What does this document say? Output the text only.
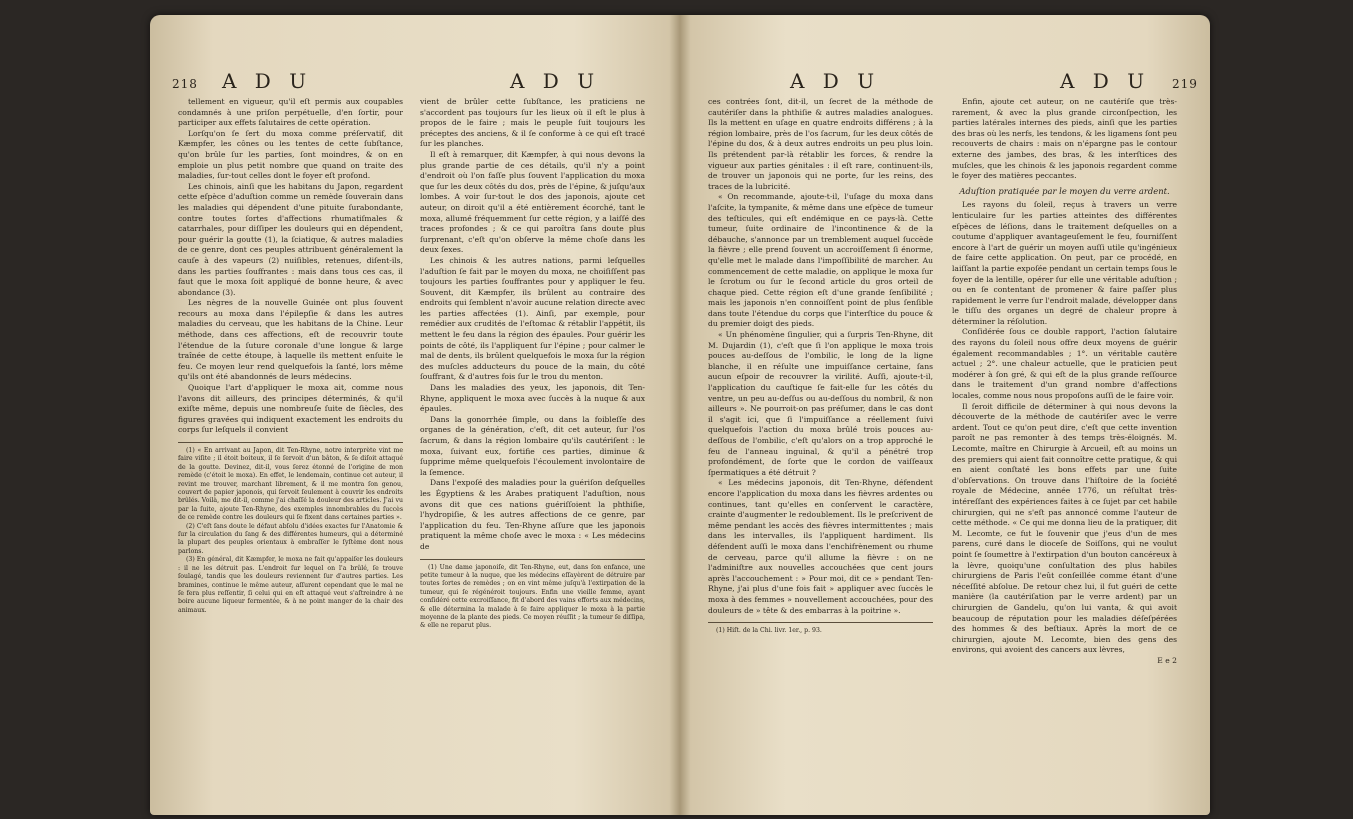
218 A D U	A D U

tellement en vigueur, qu'il eſt permis aux coupables condamnés à une priſon perpétuelle, d'en ſortir, pour participer aux effets ſalutaires de cette opération.

Lorſqu'on ſe ſert du moxa comme préſervatif, dit Kæmpfer, les cônes ou les tentes de cette ſubſtance, qu'on brûle ſur les parties, ſont moindres, & on en emploie un plus petit nombre que quand on traite des maladies, ſur-tout celles dont le foyer eſt profond.

Les chinois, ainſi que les habitans du Japon, regardent cette eſpèce d'aduſtion comme un remède ſouverain dans les maladies qui dépendent d'une pituite ſurabondante, contre toutes ſortes d'affections rhumatiſmales & catarrhales, pour diſſiper les douleurs qui en dépendent, pour guérir la goutte (1), la ſciatique, & autres maladies de ce genre, dont ces peuples attribuent généralement la cauſe à des vapeurs (2) nuiſibles, retenues, diſent-ils, dans les parties ſouffrantes : mais dans tous ces cas, il faut que le moxa ſoit appliqué de bonne heure, & avec abondance (3).

Les nègres de la nouvelle Guinée ont plus ſouvent recours au moxa dans l'épilepſie & dans les autres maladies du cerveau, que les habitans de la Chine. Leur méthode, dans ces affections, eſt de recouvrir toute l'étendue de la ſuture coronale d'une longue & large traînée de cette étoupe, à laquelle ils mettent enſuite le feu. Ce moyen leur rend quelquefois la ſanté, lors même qu'ils ont été abandonnés de leurs médecins.

Quoique l'art d'appliquer le moxa ait, comme nous l'avons dit ailleurs, des principes déterminés, & qu'il exiſte même, depuis une nombreuſe ſuite de ſiècles, des figures gravées qui indiquent exactement les endroits du corps ſur leſquels il convient

(1) « En arrivant au Japon, dit Ten-Rhyne, notre interprète vint me faire viſite ; il étoit boiteux, il ſe ſervoit d'un bâton, & ſe diſoit attaqué de la goutte. Devinez, dit-il, vous ſerez étonné de l'origine de mon remède (c'étoit le moxa). En effet, le lendemain, continue cet auteur, il revint me trouver, marchant librement, & il me montra ſon genou, couvert de papier japonois, qui ſervoit ſeulement à couvrir les endroits brûlés. Voilà, me dit-il, comme j'ai chaſſé la douleur des articles. J'ai vu par la ſuite, ajoute Ten-Rhyne, des exemples innombrables du ſuccès de ce remède contre les douleurs qui ſe fixent dans certaines parties ».

(2) C'eſt ſans doute le défaut abſolu d'idées exactes ſur l'Anatomie & ſur la circulation du ſang & des différentes humeurs, qui a déterminé la plupart des peuples orientaux à embraſſer le ſyſtème dont nous parlons.

(3) En général, dit Kæmpfer, le moxa ne fait qu'appaiſer les douleurs : il ne les détruit pas. L'endroit ſur lequel on l'a brûlé, ſe trouve ſoulagé, tandis que les douleurs reviennent ſur d'autres parties. Les bramines, continue le même auteur, aſſurent cependant que le mal ne ſe fera plus reſſentir, ſi celui qui en eſt attaqué veut s'aſtreindre à ne boire aucune liqueur fermentée, & à ne point manger de la chair des animaux.

vient de brûler cette ſubſtance, les praticiens ne s'accordent pas toujours ſur les lieux où il eſt le plus à propos de le faire ; mais le peuple ſuit toujours les préceptes des anciens, & il ſe conforme à ce qui eſt tracé ſur les planches.

Il eſt à remarquer, dit Kæmpfer, à qui nous devons la plus grande partie de ces détails, qu'il n'y a point d'endroit où l'on faſſe plus ſouvent l'application du moxa que ſur les deux côtés du dos, près de l'épine, & juſqu'aux lombes. A voir ſur-tout le dos des japonois, ajoute cet auteur, on diroit qu'il a été entièrement écorché, tant le moxa, allumé fréquemment ſur cette région, y a laiſſé des traces profondes ; & ce qui paroîtra ſans doute plus ſurprenant, c'eſt qu'on obſerve la même choſe dans les deux ſexes.

Les chinois & les autres nations, parmi leſquelles l'aduſtion ſe fait par le moyen du moxa, ne choiſiſſent pas toujours les parties ſouffrantes pour y appliquer le feu. Souvent, dit Kæmpfer, ils brûlent au contraire des endroits qui ſemblent n'avoir aucune relation directe avec les parties affectées (1). Ainſi, par exemple, pour remédier aux crudités de l'eſtomac & rétablir l'appétit, ils mettent le feu dans la région des épaules. Pour guérir les points de côté, ils l'appliquent ſur l'épine ; pour calmer le mal de dents, ils brûlent quelquefois le moxa ſur la région des muſcles adducteurs du pouce de la main, du côté ſouffrant, & d'autres fois ſur le trou du menton.

Dans les maladies des yeux, les japonois, dit Ten-Rhyne, appliquent le moxa avec ſuccès à la nuque & aux épaules.

Dans la gonorrhée ſimple, ou dans la foibleſſe des organes de la génération, c'eſt, dit cet auteur, ſur l'os ſacrum, & dans la région lombaire qu'ils cautériſent : le moxa, ſuivant eux, fortifie ces parties, diminue & ſupprime même quelquefois l'écoulement involontaire de la ſemence.

Dans l'expoſé des maladies pour la guériſon deſquelles les Égyptiens & les Arabes pratiquent l'aduſtion, nous avons dit que ces nations guériſſoient la phthiſie, l'hydropiſie, & les autres affections de ce genre, par l'application du feu. Ten-Rhyne aſſure que les japonois pratiquent la même choſe avec le moxa : « Les médecins de

(1) Une dame japonoiſe, dit Ten-Rhyne, eut, dans ſon enfance, une petite tumeur à la nuque, que les médecins eſſayèrent de détruire par toutes ſortes de remèdes ; on en vint même juſqu'à l'extirpation de la tumeur, qui ſe régénéroit toujours. Enfin une vieille femme, ayant conſidéré cette excroiſſance, fit d'abord des vains efforts aux médecins, & elle détermina la malade à ſe faire appliquer le moxa à la partie moyenne de la plante des pieds. Ce moyen réuſſit ; la tumeur ſe diſſipa, & elle ne reparut plus.

A D U	A D U 219

ces contrées ſont, dit-il, un ſecret de la méthode de cautériſer dans la phthiſie & autres maladies analogues. Ils la mettent en uſage en quatre endroits différens ; à la région lombaire, près de l'os ſacrum, ſur les deux côtés de l'épine du dos, & à deux autres endroits un peu plus loin. Ils prétendent par-là rétablir les forces, & rendre la vigueur aux parties génitales : il eſt rare, continuent-ils, de trouver un japonois qui ne porte, ſur les reins, des traces de la lubricité.

« On recommande, ajoute-t-il, l'uſage du moxa dans l'aſcite, la tympanite, & même dans une eſpèce de tumeur des teſticules, qui eſt endémique en ce pays-là. Cette tumeur, ſuite ordinaire de l'incontinence & de la débauche, s'annonce par un tremblement auquel ſuccède la fièvre ; elle prend ſouvent un accroiſſement ſi énorme, qu'elle met le malade dans l'impoſſibilité de marcher. Au commencement de cette maladie, on applique le moxa ſur le ſcrotum ou ſur le ſecond article du gros orteil de chaque pied. Cette région eſt d'une grande ſenſibilité ; mais les japonois n'en connoiſſent point de plus ſenſible dans toute l'étendue du corps que l'interſtice du pouce & du premier doigt des pieds.

« Un phénomène ſingulier, qui a ſurpris Ten-Rhyne, dit M. Dujardin (1), c'eſt que ſi l'on applique le moxa trois pouces au-deſſous de l'ombilic, le long de la ligne blanche, il en réſulte une impuiſſance certaine, ſans aucun eſpoir de recouvrer la virilité. Auſſi, ajoute-t-il, l'application du cauſtique ſe fait-elle ſur les côtés du ventre, un peu au-deſſus ou au-deſſous du nombril, & non ailleurs ». Ne pourroit-on pas préſumer, dans le cas dont il s'agit ici, que ſi l'impuiſſance a réellement ſuivi quelquefois l'action du moxa brûlé trois pouces au-deſſous de l'ombilic, c'eſt qu'alors on a trop approché le feu de l'anneau inguinal, & qu'il a pénétré trop profondément, de ſorte que le cordon de vaiſſeaux ſpermatiques a été détruit ?

« Les médecins japonois, dit Ten-Rhyne, défendent encore l'application du moxa dans les fièvres ardentes ou continues, tant qu'elles en conſervent le caractère, crainte d'augmenter le redoublement. Ils le preſcrivent de même pendant les accès des fièvres intermittentes ; mais dans les intervalles, ils l'appliquent hardiment. Ils défendent auſſi le moxa dans l'enchifrènement ou rhume de cerveau, parce qu'il allume la fièvre : on ne l'adminiſtre aux nouvelles accouchées que cent jours après l'accouchement : » Pour moi, dit ce » pendant Ten-Rhyne, j'ai plus d'une fois fait » appliquer avec ſuccès le moxa à des femmes » nouvellement accouchées, pour des douleurs de » tête & des embarras à la poitrine ».

(1) Hiſt. de la Chi. livr. 1er., p. 93.

Enfin, ajoute cet auteur, on ne cautériſe que très-rarement, & avec la plus grande circonſpection, les parties latérales internes des pieds, ainſi que les parties des bras où les nerfs, les tendons, & les ligamens ſont peu recouverts de chairs : mais on n'épargne pas le contour externe des jambes, des bras, & les interſtices des muſcles, que les chinois & les japonois regardent comme le foyer des matières peccantes.

Aduſtion pratiquée par le moyen du verre ardent.

Les rayons du ſoleil, reçus à travers un verre lenticulaire ſur les parties atteintes des différentes eſpèces de léſions, dans le traitement deſquelles on a coutume d'appliquer avantageuſement le feu, fourniſſent encore à l'art de guérir un moyen auſſi utile qu'ingénieux de faire cette application. On peut, par ce procédé, en laiſſant la partie expoſée pendant un certain temps ſous le foyer de la lentille, opérer ſur elle une véritable aduſtion ; ou en ſe contentant de promener & faire paſſer plus rapidement le verre ſur l'endroit malade, développer dans le tiſſu des organes un degré de chaleur propre à déterminer la réſolution.

Conſidérée ſous ce double rapport, l'action ſalutaire des rayons du ſoleil nous offre deux moyens de guérir également recommandables ; 1°. un véritable cautère actuel ; 2°. une chaleur actuelle, que le praticien peut modérer à ſon gré, & qui eſt de la plus grande reſſource dans le traitement d'un grand nombre d'affections locales, comme nous nous propoſons auſſi de le faire voir.

Il ſeroit difficile de déterminer à qui nous devons la découverte de la méthode de cautériſer avec le verre ardent. Tout ce qu'on peut dire, c'eſt que cette invention paroît ne pas remonter à des temps très-éloignés. M. Lecomte, maître en Chirurgie à Arcueil, eſt au moins un des premiers qui aient fait connoître cette pratique, & qui en aient conſtaté les bons effets par une ſuite d'obſervations. On trouve dans l'hiſtoire de la ſociété royale de Médecine, année 1776, un réſultat très-intéreſſant des expériences faites à ce ſujet par cet habile chirurgien, qui ne s'eſt pas annoncé comme l'auteur de cette méthode. « Ce qui me donna lieu de la pratiquer, dit M. Lecomte, ce fut le ſouvenir que j'eus d'un de mes parens, curé dans le dioceſe de Soiſſons, qui ne voulut point ſe ſoumettre à l'extirpation d'un bouton cancéreux à la lèvre, quoiqu'une conſultation des plus habiles chirurgiens de Paris l'eût conſeillée comme étant d'une néceſſité abſolue. De retour chez lui, il fut guéri de cette manière (la cautériſation par le verre ardent) par un chirurgien de Gandelu, qu'on lui vanta, & qui avoit beaucoup de réputation pour les maladies déſeſpérées des hommes & des beſtiaux. Après la mort de ce chirurgien, ajoute M. Lecomte, bien des gens des environs, qui avoient des cancers aux lèvres,

E e 2
